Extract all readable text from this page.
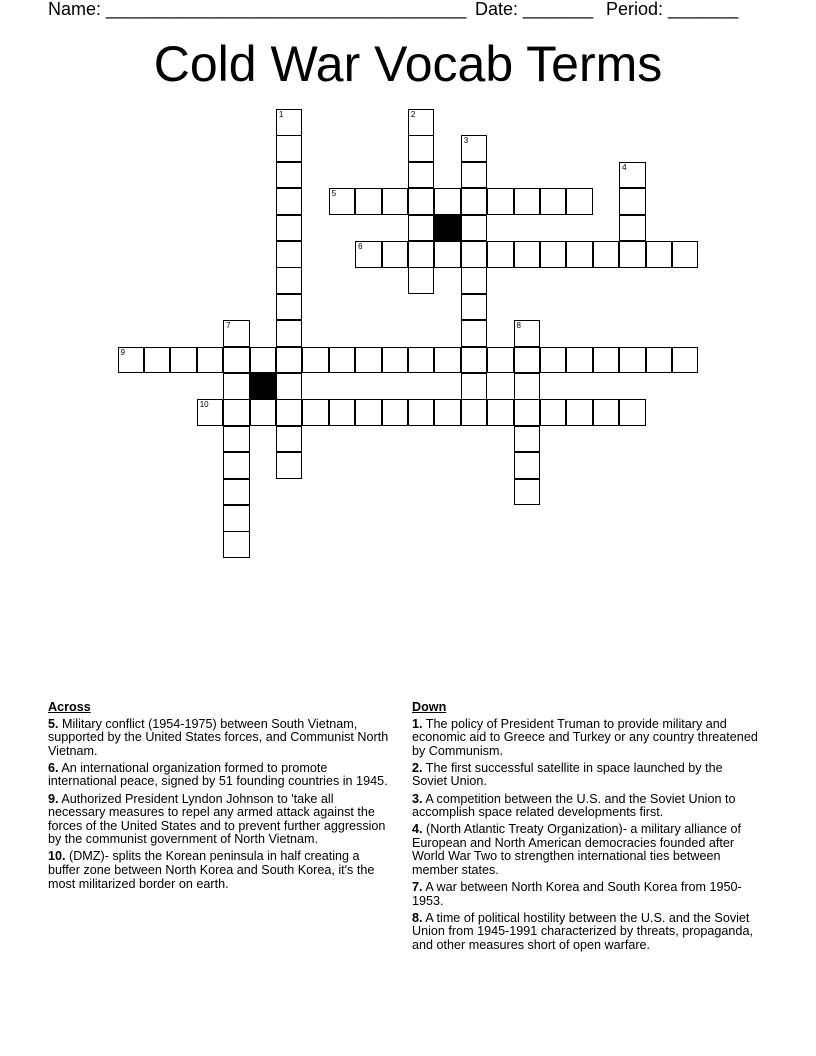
Name: ____________________________________ Date: _______ Period: _______
Cold War Vocab Terms
1	2
3
4
5
6
7	8
9
10
Across
5. Military conflict (1954-1975) between South Vietnam, supported by the United States forces, and Communist North Vietnam.
6. An international organization formed to promote international peace, signed by 51 founding countries in 1945.
9. Authorized President Lyndon Johnson to 'take all necessary measures to repel any armed attack against the forces of the United States and to prevent further aggression by the communist government of North Vietnam.
10. (DMZ)- splits the Korean peninsula in half creating a buffer zone between North Korea and South Korea, it's the most militarized border on earth.
Down
1. The policy of President Truman to provide military and economic aid to Greece and Turkey or any country threatened by Communism.
2. The first successful satellite in space launched by the Soviet Union.
3. A competition between the U.S. and the Soviet Union to accomplish space related developments first.
4. (North Atlantic Treaty Organization)- a military alliance of European and North American democracies founded after World War Two to strengthen international ties between member states.
7. A war between North Korea and South Korea from 1950-1953.
8. A time of political hostility between the U.S. and the Soviet Union from 1945-1991 characterized by threats, propaganda, and other measures short of open warfare.
